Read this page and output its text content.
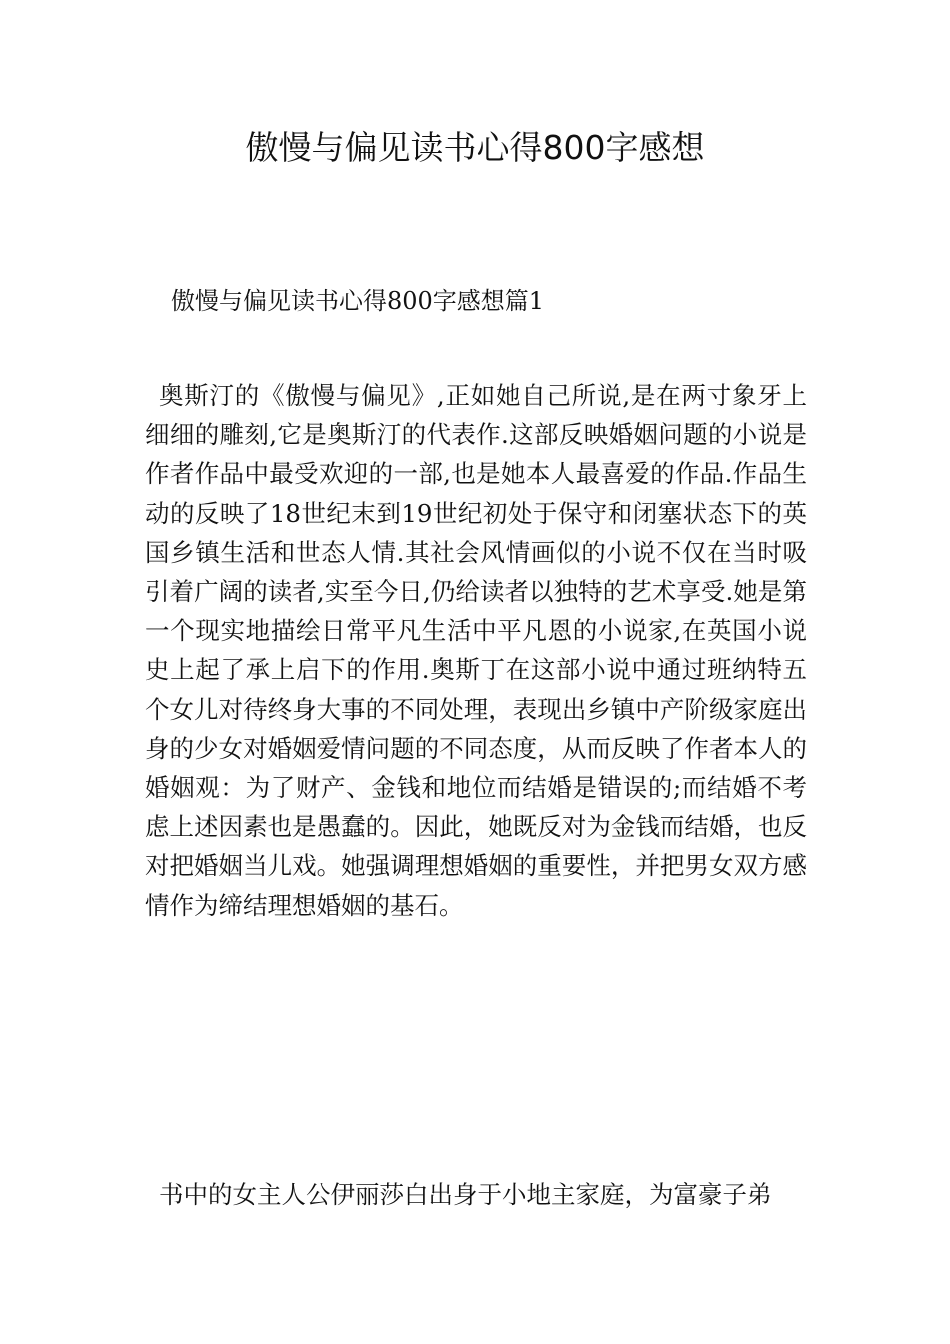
傲慢与偏见读书心得800字感想

傲慢与偏见读书心得800字感想篇1

奥斯汀的《傲慢与偏见》,正如她自己所说,是在两寸象牙上细细的雕刻,它是奥斯汀的代表作.这部反映婚姻问题的小说是作者作品中最受欢迎的一部,也是她本人最喜爱的作品.作品生动的反映了18世纪末到19世纪初处于保守和闭塞状态下的英国乡镇生活和世态人情.其社会风情画似的小说不仅在当时吸引着广阔的读者,实至今日,仍给读者以独特的艺术享受.她是第一个现实地描绘日常平凡生活中平凡恩的小说家,在英国小说史上起了承上启下的作用.奥斯丁在这部小说中通过班纳特五个女儿对待终身大事的不同处理，表现出乡镇中产阶级家庭出身的少女对婚姻爱情问题的不同态度，从而反映了作者本人的婚姻观：为了财产、金钱和地位而结婚是错误的;而结婚不考虑上述因素也是愚蠢的。因此，她既反对为金钱而结婚，也反对把婚姻当儿戏。她强调理想婚姻的重要性，并把男女双方感情作为缔结理想婚姻的基石。

书中的女主人公伊丽莎白出身于小地主家庭，为富豪子弟
